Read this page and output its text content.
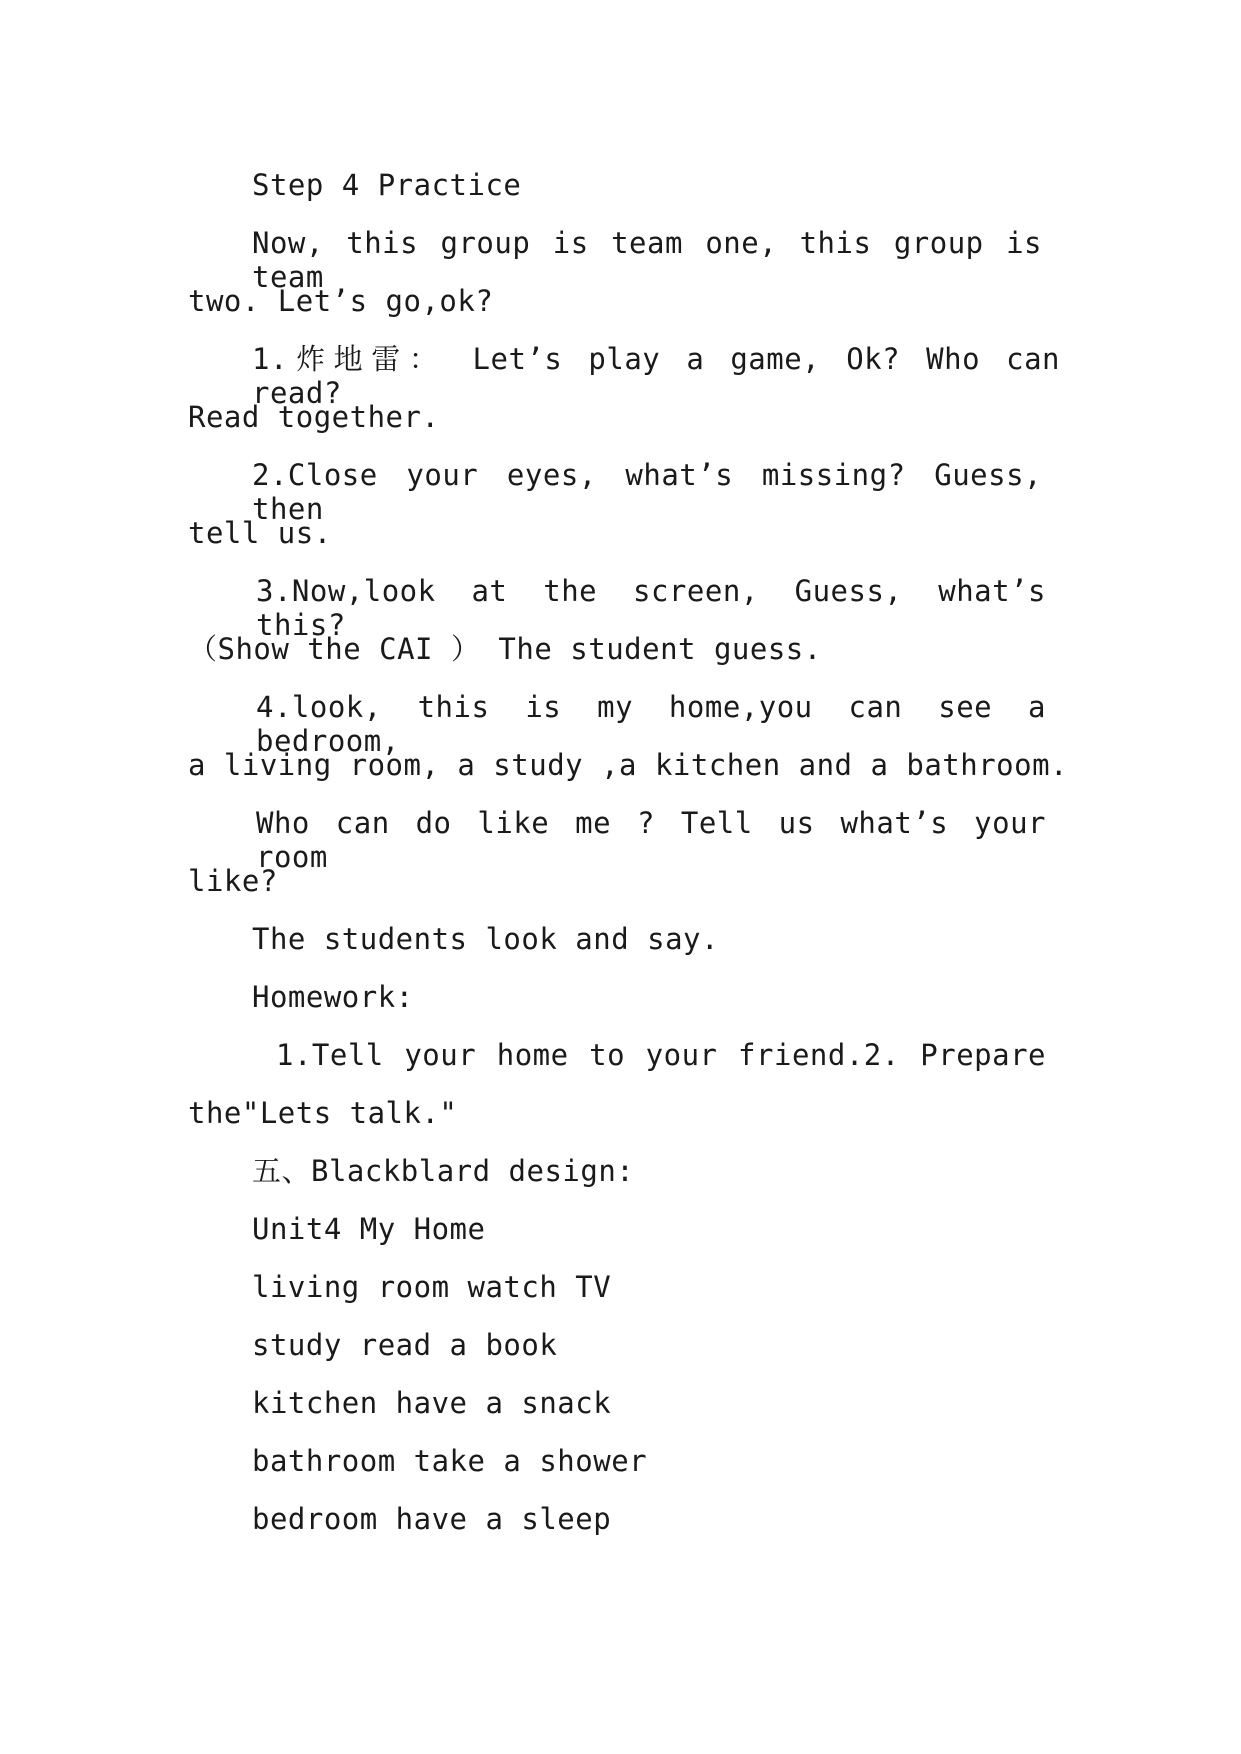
Step 4 Practice
Now, this group is team one, this group is team
two. Let’s go,ok?
1.炸地雷： Let’s play a game, Ok? Who can read?
Read together.
2.Close your eyes, what’s missing? Guess, then
tell us.
3.Now,look at the screen, Guess, what’s this?
（Show the CAI ） The student guess.
4.look, this is my home,you can see a bedroom,
a living room, a study ,a kitchen and a bathroom.
Who can do like me ? Tell us what’s your room
like?
The students look and say.
Homework:
1.Tell your home to your friend.2. Prepare
the"Lets talk."
五、Blackblard design:
Unit4 My Home
living room watch TV
study read a book
kitchen have a snack
bathroom take a shower
bedroom have a sleep
